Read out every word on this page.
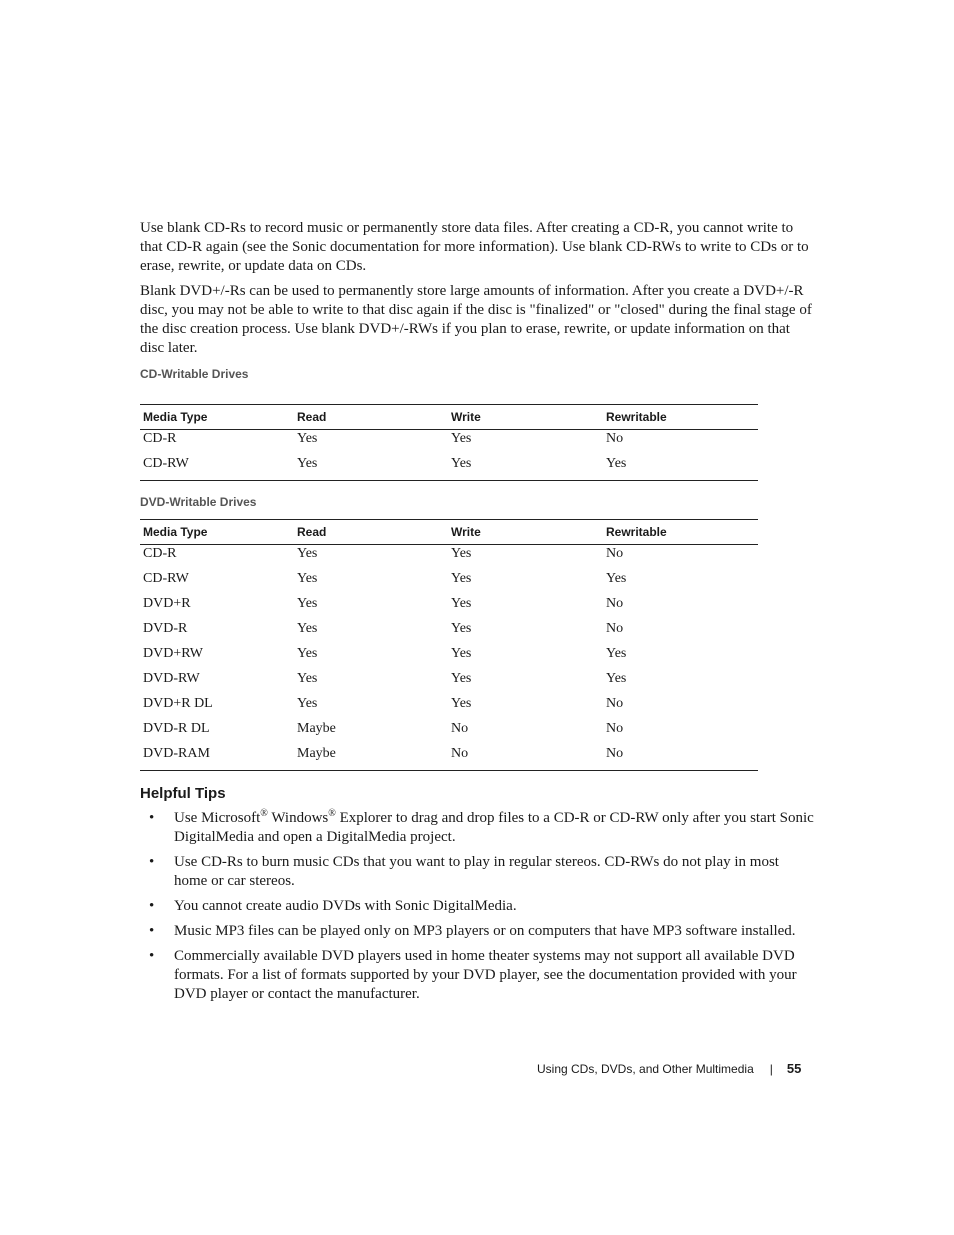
Use blank CD-Rs to record music or permanently store data files. After creating a CD-R, you cannot write to that CD-R again (see the Sonic documentation for more information). Use blank CD-RWs to write to CDs or to erase, rewrite, or update data on CDs.

Blank DVD+/-Rs can be used to permanently store large amounts of information. After you create a DVD+/-R disc, you may not be able to write to that disc again if the disc is "finalized" or "closed" during the final stage of the disc creation process. Use blank DVD+/-RWs if you plan to erase, rewrite, or update information on that disc later.

CD-Writable Drives

Media Type	Read	Write	Rewritable
CD-R	Yes	Yes	No
CD-RW	Yes	Yes	Yes

DVD-Writable Drives

Media Type	Read	Write	Rewritable
CD-R	Yes	Yes	No
CD-RW	Yes	Yes	Yes
DVD+R	Yes	Yes	No
DVD-R	Yes	Yes	No
DVD+RW	Yes	Yes	Yes
DVD-RW	Yes	Yes	Yes
DVD+R DL	Yes	Yes	No
DVD-R DL	Maybe	No	No
DVD-RAM	Maybe	No	No
Helpful Tips
• Use Microsoft® Windows® Explorer to drag and drop files to a CD-R or CD-RW only after you start Sonic DigitalMedia and open a DigitalMedia project.
• Use CD-Rs to burn music CDs that you want to play in regular stereos. CD-RWs do not play in most home or car stereos.
• You cannot create audio DVDs with Sonic DigitalMedia.
• Music MP3 files can be played only on MP3 players or on computers that have MP3 software installed.
• Commercially available DVD players used in home theater systems may not support all available DVD formats. For a list of formats supported by your DVD player, see the documentation provided with your DVD player or contact the manufacturer.
Using CDs, DVDs, and Other Multimedia | 55
